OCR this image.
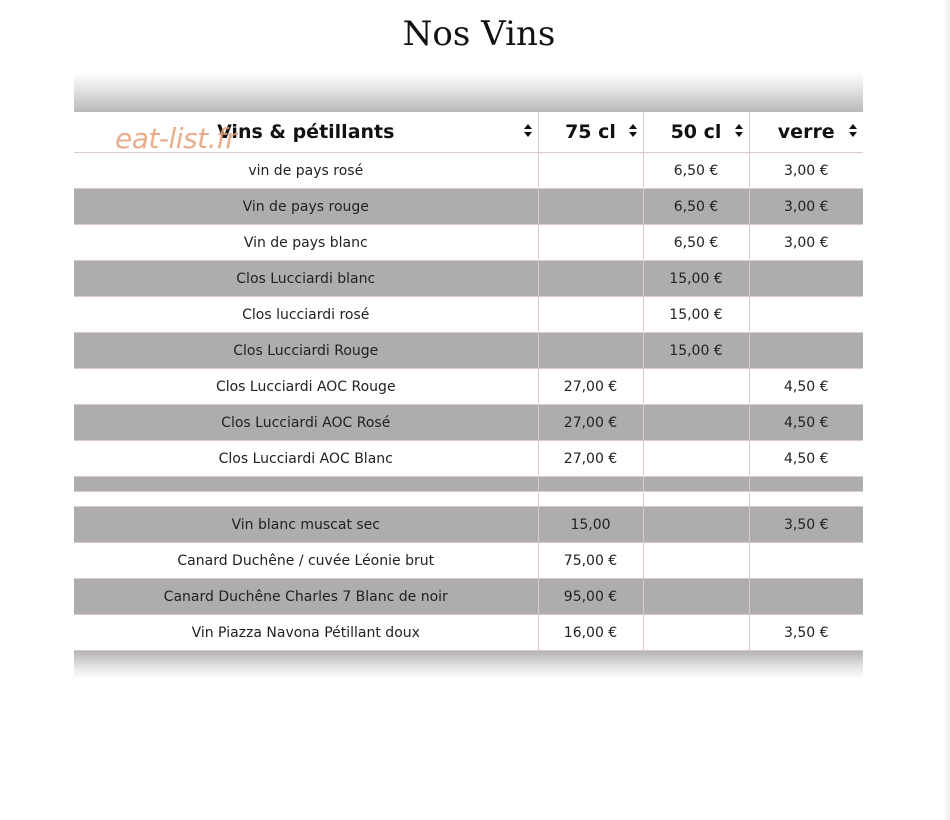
Nos Vins
Vins & pétillants	75 cl	50 cl	verre

vin de pays rosé		6,50 €	3,00 €
Vin de pays rouge		6,50 €	3,00 €
Vin de pays blanc		6,50 €	3,00 €
Clos Lucciardi blanc		15,00 €	
Clos lucciardi rosé		15,00 €	
Clos Lucciardi Rouge		15,00 €	
Clos Lucciardi AOC Rouge	27,00 €		4,50 €
Clos Lucciardi AOC Rosé	27,00 €		4,50 €
Clos Lucciardi AOC Blanc	27,00 €		4,50 €

Vin blanc muscat sec	15,00		3,50 €
Canard Duchêne / cuvée Léonie brut	75,00 €		
Canard Duchêne Charles 7 Blanc de noir	95,00 €		
Vin Piazza Navona Pétillant doux	16,00 €		3,50 €

eat-list.fr
